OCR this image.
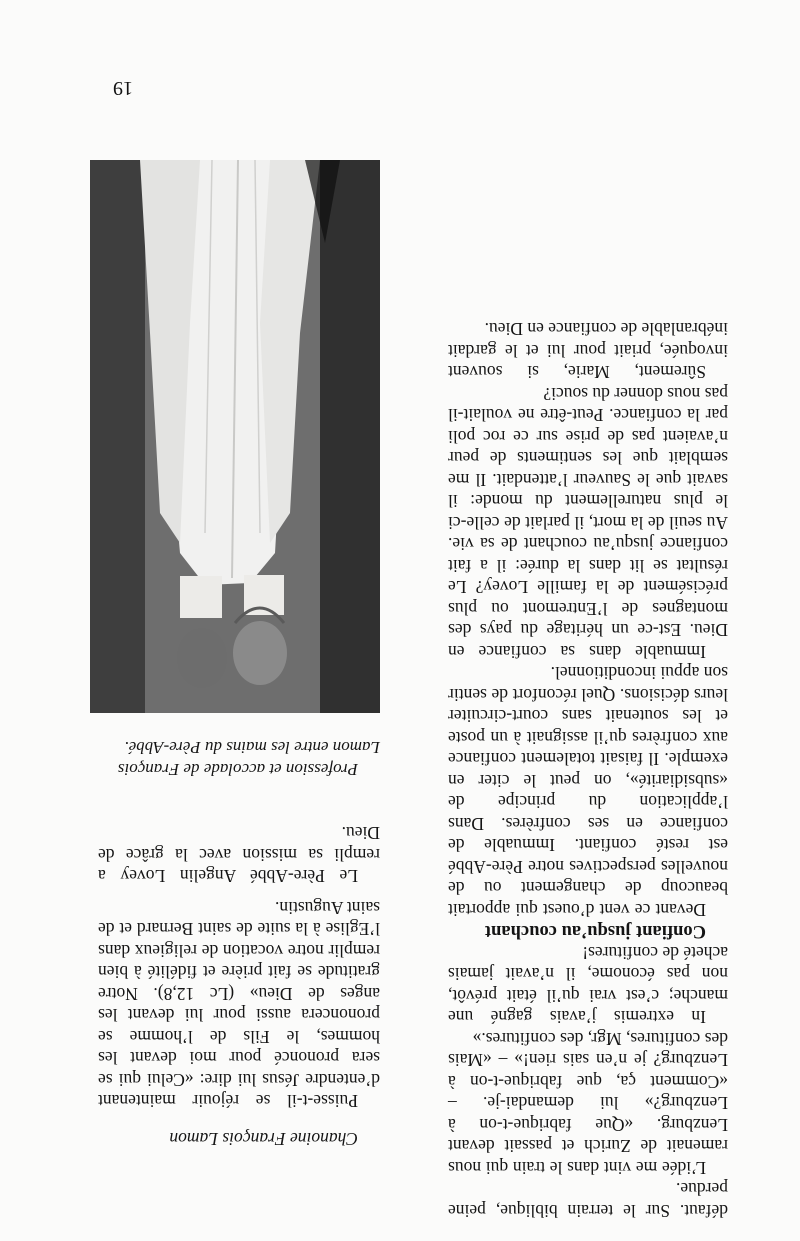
défaut. Sur le terrain biblique, peine perdue.

L’idée me vint dans le train qui nous ramenait de Zurich et passait devant Lenzburg. «Que fabrique-t-on à Lenzburg?» lui demandai-je. – «Comment ça, que fabrique-t-on à Lenzburg? je n’en sais rien!» – «Mais des confitures, Mgr, des confitures.»

In extremis j’avais gagné une manche; c’est vrai qu’il était prévôt, non pas économe, il n’avait jamais acheté de confitures!

Confiant jusqu’au couchant

Devant ce vent d’ouest qui apportait beaucoup de changement ou de nouvelles perspectives notre Père-Abbé est resté confiant. Immuable de confiance en ses confrères. Dans l’application du principe de «subsidiarité», on peut le citer en exemple. Il faisait totalement confiance aux confrères qu’il assignait à un poste et les soutenait sans court-circuiter leurs décisions. Quel réconfort de sentir son appui inconditionnel.

Immuable dans sa confiance en Dieu. Est-ce un héritage du pays des montagnes de l’Entremont ou plus précisément de la famille Lovey? Le résultat se lit dans la durée: il a fait confiance jusqu’au couchant de sa vie. Au seuil de la mort, il parlait de celle-ci le plus naturellement du monde: il savait que le Sauveur l’attendait. Il me semblait que les sentiments de peur n’avaient pas de prise sur ce roc poli par la confiance. Peut-être ne voulait-il pas nous donner du souci?

Sûrement, Marie, si souvent invoquée, priait pour lui et le gardait inébranlable de confiance en Dieu.

Chanoine François Lamon

Puisse-t-il se réjouir maintenant d’entendre Jésus lui dire: «Celui qui se sera prononcé pour moi devant les hommes, le Fils de l’homme se prononcera aussi pour lui devant les anges de Dieu» (Lc 12,8). Notre gratitude se fait prière et fidélité à bien remplir notre vocation de religieux dans l’Eglise à la suite de saint Bernard et de saint Augustin.

Le Père-Abbé Angelin Lovey a rempli sa mission avec la grâce de Dieu.

Profession et accolade de François Lamon entre les mains du Père-Abbé.

19
